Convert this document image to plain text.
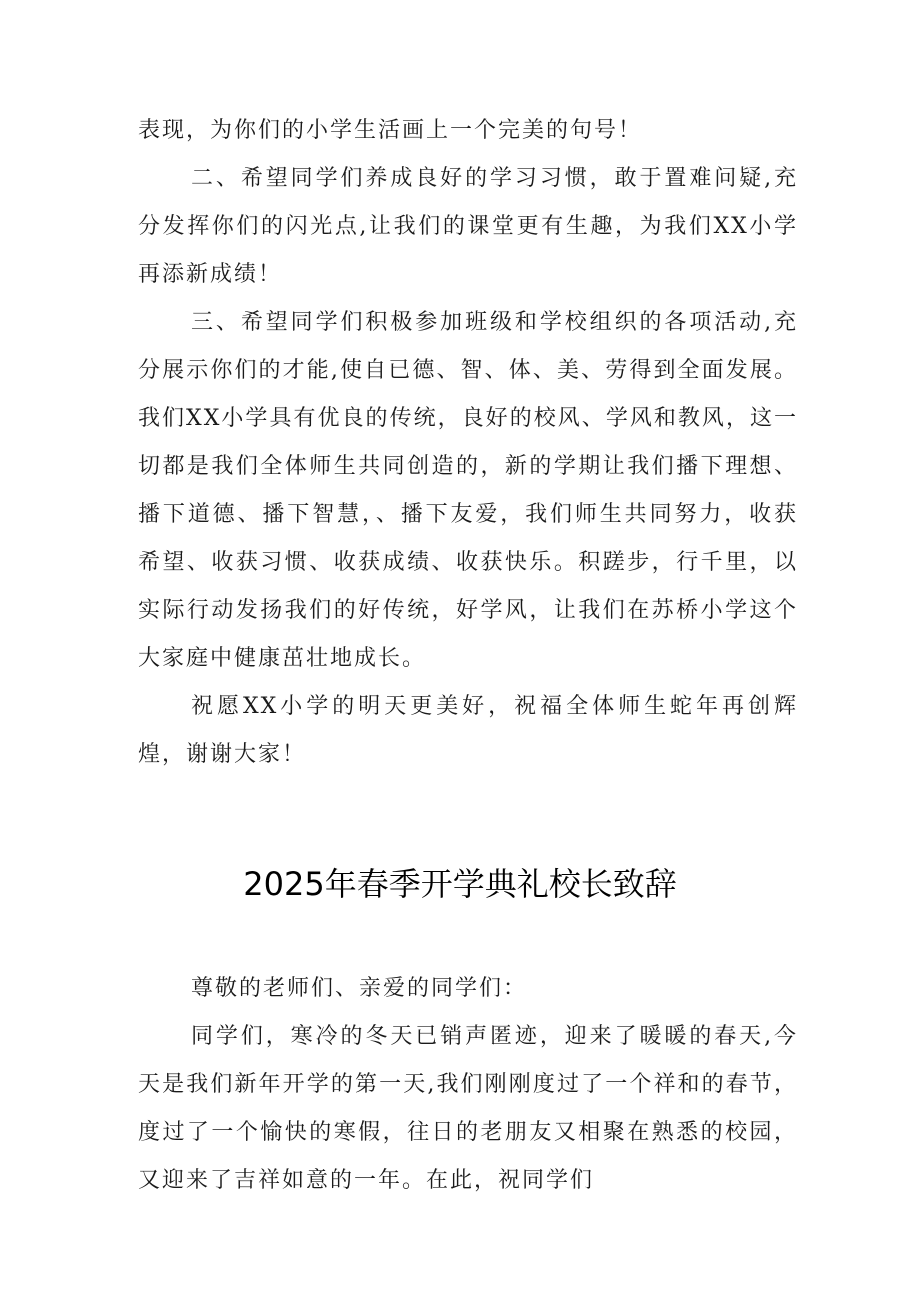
表现，为你们的小学生活画上一个完美的句号！

二、希望同学们养成良好的学习习惯，敢于置难问疑,充分发挥你们的闪光点,让我们的课堂更有生趣，为我们XX小学再添新成绩！

三、希望同学们积极参加班级和学校组织的各项活动,充分展示你们的才能,使自已德、智、体、美、劳得到全面发展。我们XX小学具有优良的传统，良好的校风、学风和教风，这一切都是我们全体师生共同创造的，新的学期让我们播下理想、播下道德、播下智慧，、播下友爱，我们师生共同努力，收获希望、收获习惯、收获成绩、收获快乐。积蹉步，行千里，以实际行动发扬我们的好传统，好学风，让我们在苏桥小学这个大家庭中健康茁壮地成长。

祝愿XX小学的明天更美好，祝福全体师生蛇年再创辉煌，谢谢大家！

2025年春季开学典礼校长致辞

尊敬的老师们、亲爱的同学们：

同学们，寒冷的冬天已销声匿迹，迎来了暖暖的春天,今天是我们新年开学的第一天,我们刚刚度过了一个祥和的春节，度过了一个愉快的寒假，往日的老朋友又相聚在熟悉的校园，又迎来了吉祥如意的一年。在此，祝同学们
